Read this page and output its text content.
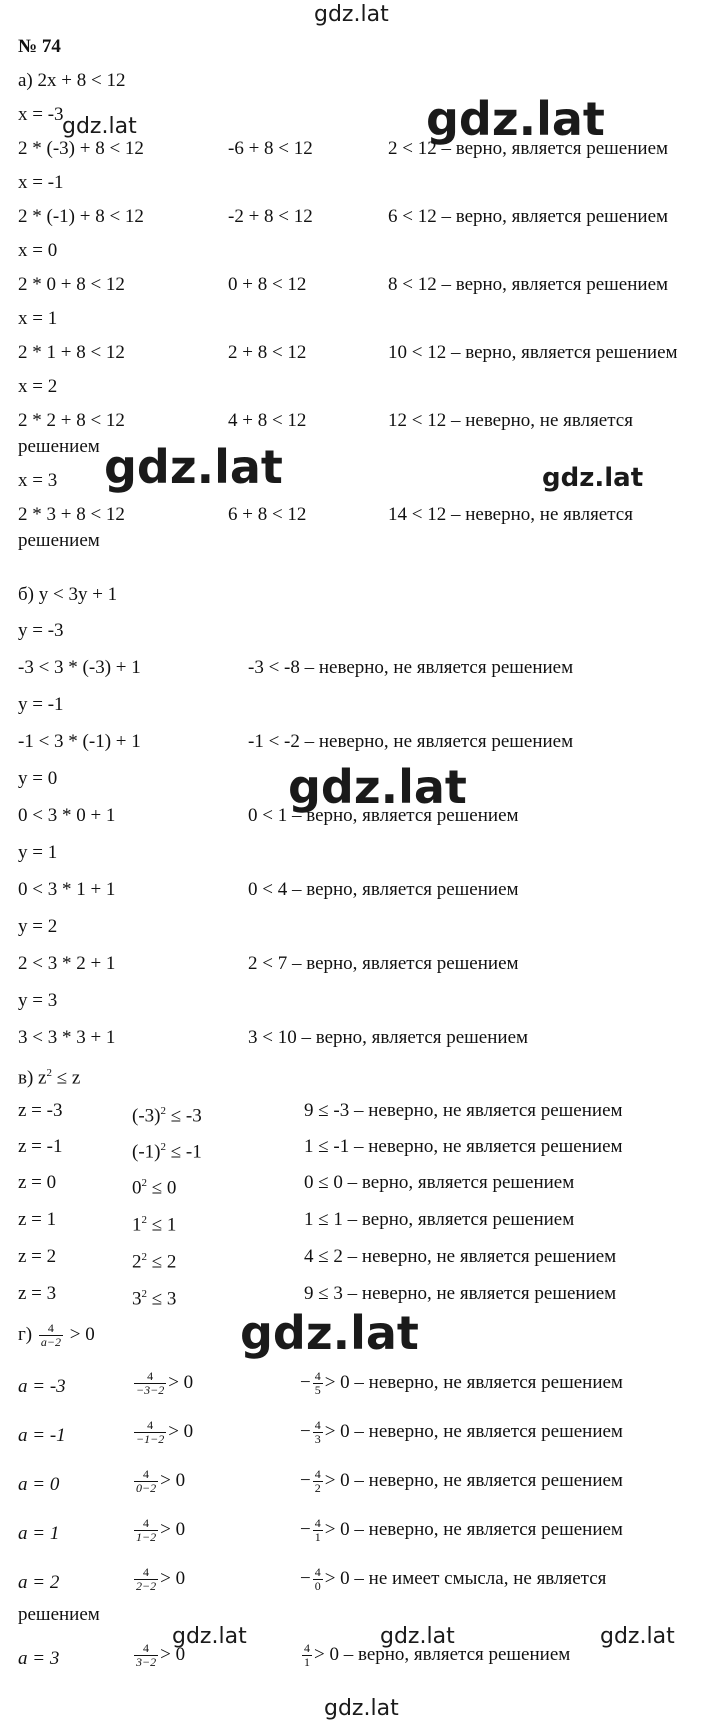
gdz.lat
gdz.lat	gdz.lat
gdz.lat	gdz.lat
gdz.lat
gdz.lat
gdz.lat	gdz.lat	gdz.lat
gdz.lat
№ 74
а) 2x + 8 < 12
x = -3
2 * (-3) + 8 < 12	-6 + 8 < 12	2 < 12 – верно, является решением
x = -1
2 * (-1) + 8 < 12	-2 + 8 < 12	6 < 12 – верно, является решением
x = 0
2 * 0 + 8 < 12	0 + 8 < 12	8 < 12 – верно, является решением
x = 1
2 * 1 + 8 < 12	2 + 8 < 12	10 < 12 – верно, является решением
x = 2
2 * 2 + 8 < 12	4 + 8 < 12	12 < 12 – неверно, не является
решением
x = 3
2 * 3 + 8 < 12	6 + 8 < 12	14 < 12 – неверно, не является
решением
б) y < 3y + 1
y = -3
-3 < 3 * (-3) + 1	-3 < -8 – неверно, не является решением
y = -1
-1 < 3 * (-1) + 1	-1 < -2 – неверно, не является решением
y = 0
0 < 3 * 0 + 1	0 < 1 – верно, является решением
y = 1
0 < 3 * 1 + 1	0 < 4 – верно, является решением
y = 2
2 < 3 * 2 + 1	2 < 7 – верно, является решением
y = 3
3 < 3 * 3 + 1	3 < 10 – верно, является решением
в) $z^2 \le z$
z = -3	$(-3)^2 \le -3$	9 ≤ -3 – неверно, не является решением
z = -1	$(-1)^2 \le -1$	1 ≤ -1 – неверно, не является решением
z = 0	$0^2 \le 0$	0 ≤ 0 – верно, является решением
z = 1	$1^2 \le 1$	1 ≤ 1 – верно, является решением
z = 2	$2^2 \le 2$	4 ≤ 2 – неверно, не является решением
z = 3	$3^2 \le 3$	9 ≤ 3 – неверно, не является решением
$г) \frac{4}{a-2} > 0$
a = -3	$\frac{4}{-3-2} > 0$	− $\frac{4}{5} > 0$ – неверно, не является решением
a = -1	$\frac{4}{-1-2} > 0$	− $\frac{4}{3} > 0$ – неверно, не является решением
a = 0	$\frac{4}{0-2} > 0$	− $\frac{4}{2} > 0$ – неверно, не является решением
a = 1	$\frac{4}{1-2} > 0$	− $\frac{4}{1} > 0$ – неверно, не является решением
a = 2	$\frac{4}{2-2} > 0$	− $\frac{4}{0} > 0$ – не имеет смысла, не является
решением
a = 3	$\frac{4}{3-2} > 0$	$\frac{4}{1} > 0$ – верно, является решением
